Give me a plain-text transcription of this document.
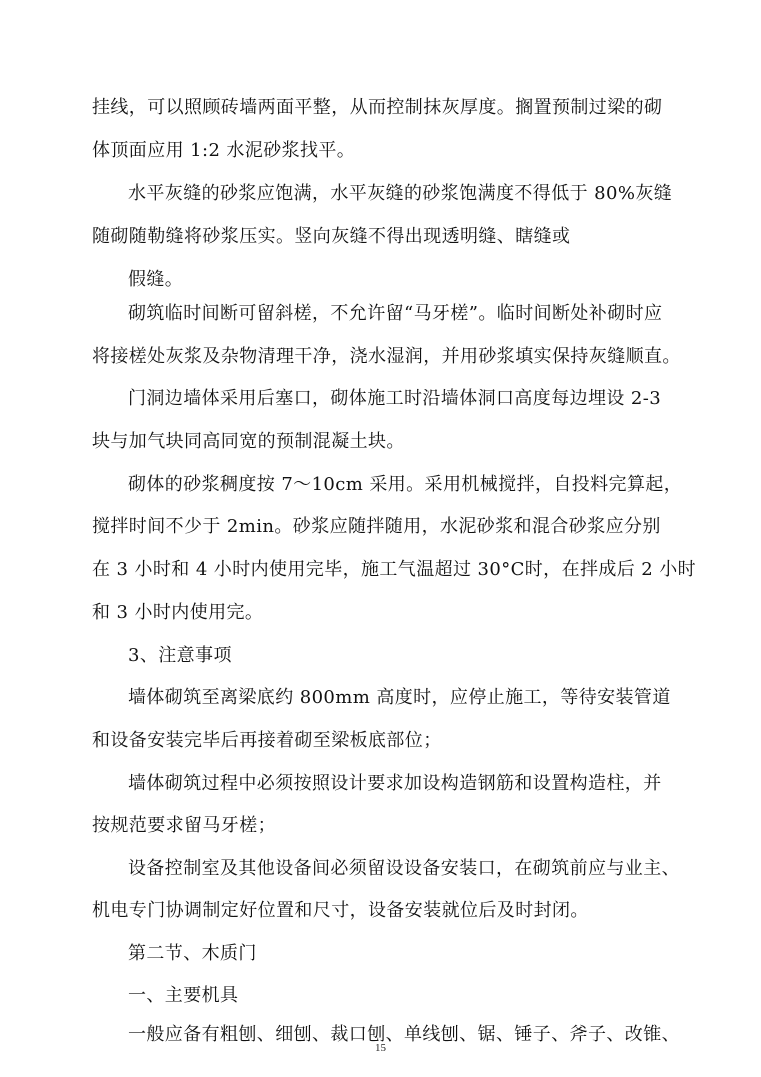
挂线，可以照顾砖墙两面平整，从而控制抹灰厚度。搁置预制过梁的砌
体顶面应用 1:2 水泥砂浆找平。
水平灰缝的砂浆应饱满，水平灰缝的砂浆饱满度不得低于 80%灰缝
随砌随勒缝将砂浆压实。竖向灰缝不得出现透明缝、瞎缝或
假缝。
砌筑临时间断可留斜槎，不允许留“马牙槎”。临时间断处补砌时应
将接槎处灰浆及杂物清理干净，浇水湿润，并用砂浆填实保持灰缝顺直。
门洞边墙体采用后塞口，砌体施工时沿墙体洞口高度每边埋设 2-3
块与加气块同高同宽的预制混凝土块。
砌体的砂浆稠度按 7～10cm 采用。采用机械搅拌，自投料完算起，
搅拌时间不少于 2min。砂浆应随拌随用，水泥砂浆和混合砂浆应分别
在 3 小时和 4 小时内使用完毕，施工气温超过 30°C时，在拌成后 2 小时
和 3 小时内使用完。
3、注意事项
墙体砌筑至离梁底约 800mm 高度时，应停止施工，等待安装管道
和设备安装完毕后再接着砌至梁板底部位；
墙体砌筑过程中必须按照设计要求加设构造钢筋和设置构造柱，并
按规范要求留马牙槎；
设备控制室及其他设备间必须留设设备安装口，在砌筑前应与业主、
机电专门协调制定好位置和尺寸，设备安装就位后及时封闭。
第二节、木质门
一、主要机具
一般应备有粗刨、细刨、裁口刨、单线刨、锯、锤子、斧子、改锥、
15
